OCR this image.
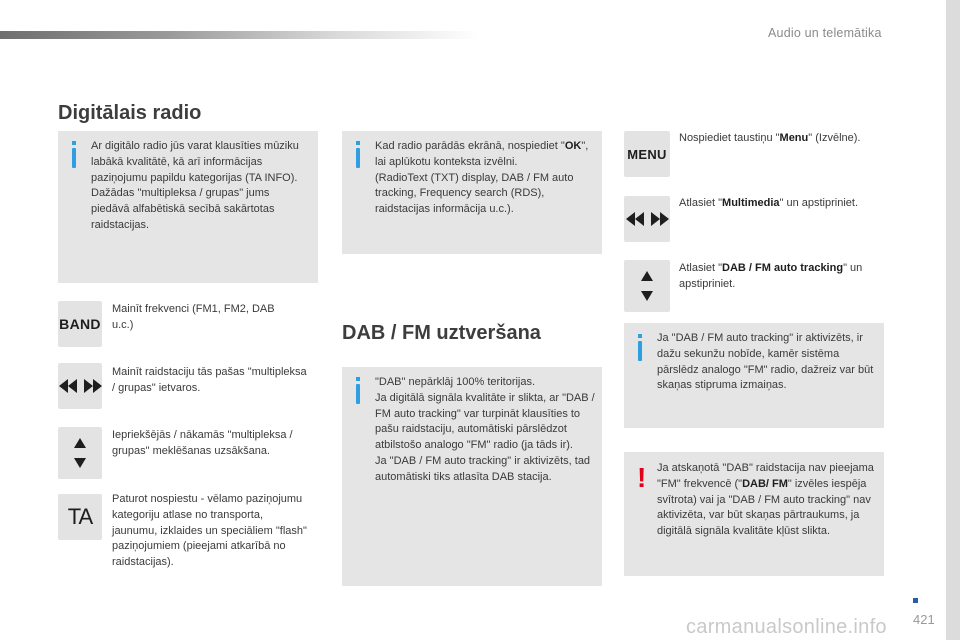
Audio un telemātika
Digitālais radio
Ar digitālo radio jūs varat klausīties mūziku labākā kvalitātē, kā arī informācijas paziņojumu papildu kategorijas (TA INFO).
Dažādas "multipleksa / grupas" jums piedāvā alfabētiskā secībā sakārtotas raidstacijas.
Kad radio parādās ekrānā, nospiediet "OK", lai aplūkotu konteksta izvēlni.
(RadioText (TXT) display, DAB / FM auto tracking, Frequency search (RDS), raidstacijas informācija u.c.).
BAND
Mainīt frekvenci (FM1, FM2, DAB u.c.)
Mainīt raidstaciju tās pašas "multipleksa / grupas" ietvaros.
Iepriekšējās / nākamās "multipleksa / grupas" meklēšanas uzsākšana.
TA
Paturot nospiestu - vēlamo paziņojumu kategoriju atlase no transporta, jaunumu, izklaides un speciāliem "flash" paziņojumiem (pieejami atkarībā no raidstacijas).
DAB / FM uztveršana
"DAB" nepārklāj 100% teritorijas.
Ja digitālā signāla kvalitāte ir slikta, ar "DAB / FM auto tracking" var turpināt klausīties to pašu raidstaciju, automātiski pārslēdzot atbilstošo analogo "FM" radio (ja tāds ir).
Ja "DAB / FM auto tracking" ir aktivizēts, tad automātiski tiks atlasīta DAB stacija.
MENU
Nospiediet taustiņu "Menu" (Izvēlne).
Atlasiet "Multimedia" un apstipriniet.
Atlasiet "DAB / FM auto tracking" un apstipriniet.
Ja "DAB / FM auto tracking" ir aktivizēts, ir dažu sekunžu nobīde, kamēr sistēma pārslēdz analogo "FM" radio, dažreiz var būt skaņas stipruma izmaiņas.
! Ja atskaņotā "DAB" raidstacija nav pieejama "FM" frekvencē ("DAB/ FM" izvēles iespēja svītrota) vai ja "DAB / FM auto tracking" nav aktivizēta, var būt skaņas pārtraukums, ja digitālā signāla kvalitāte kļūst slikta.
421
carmanualsonline.info
